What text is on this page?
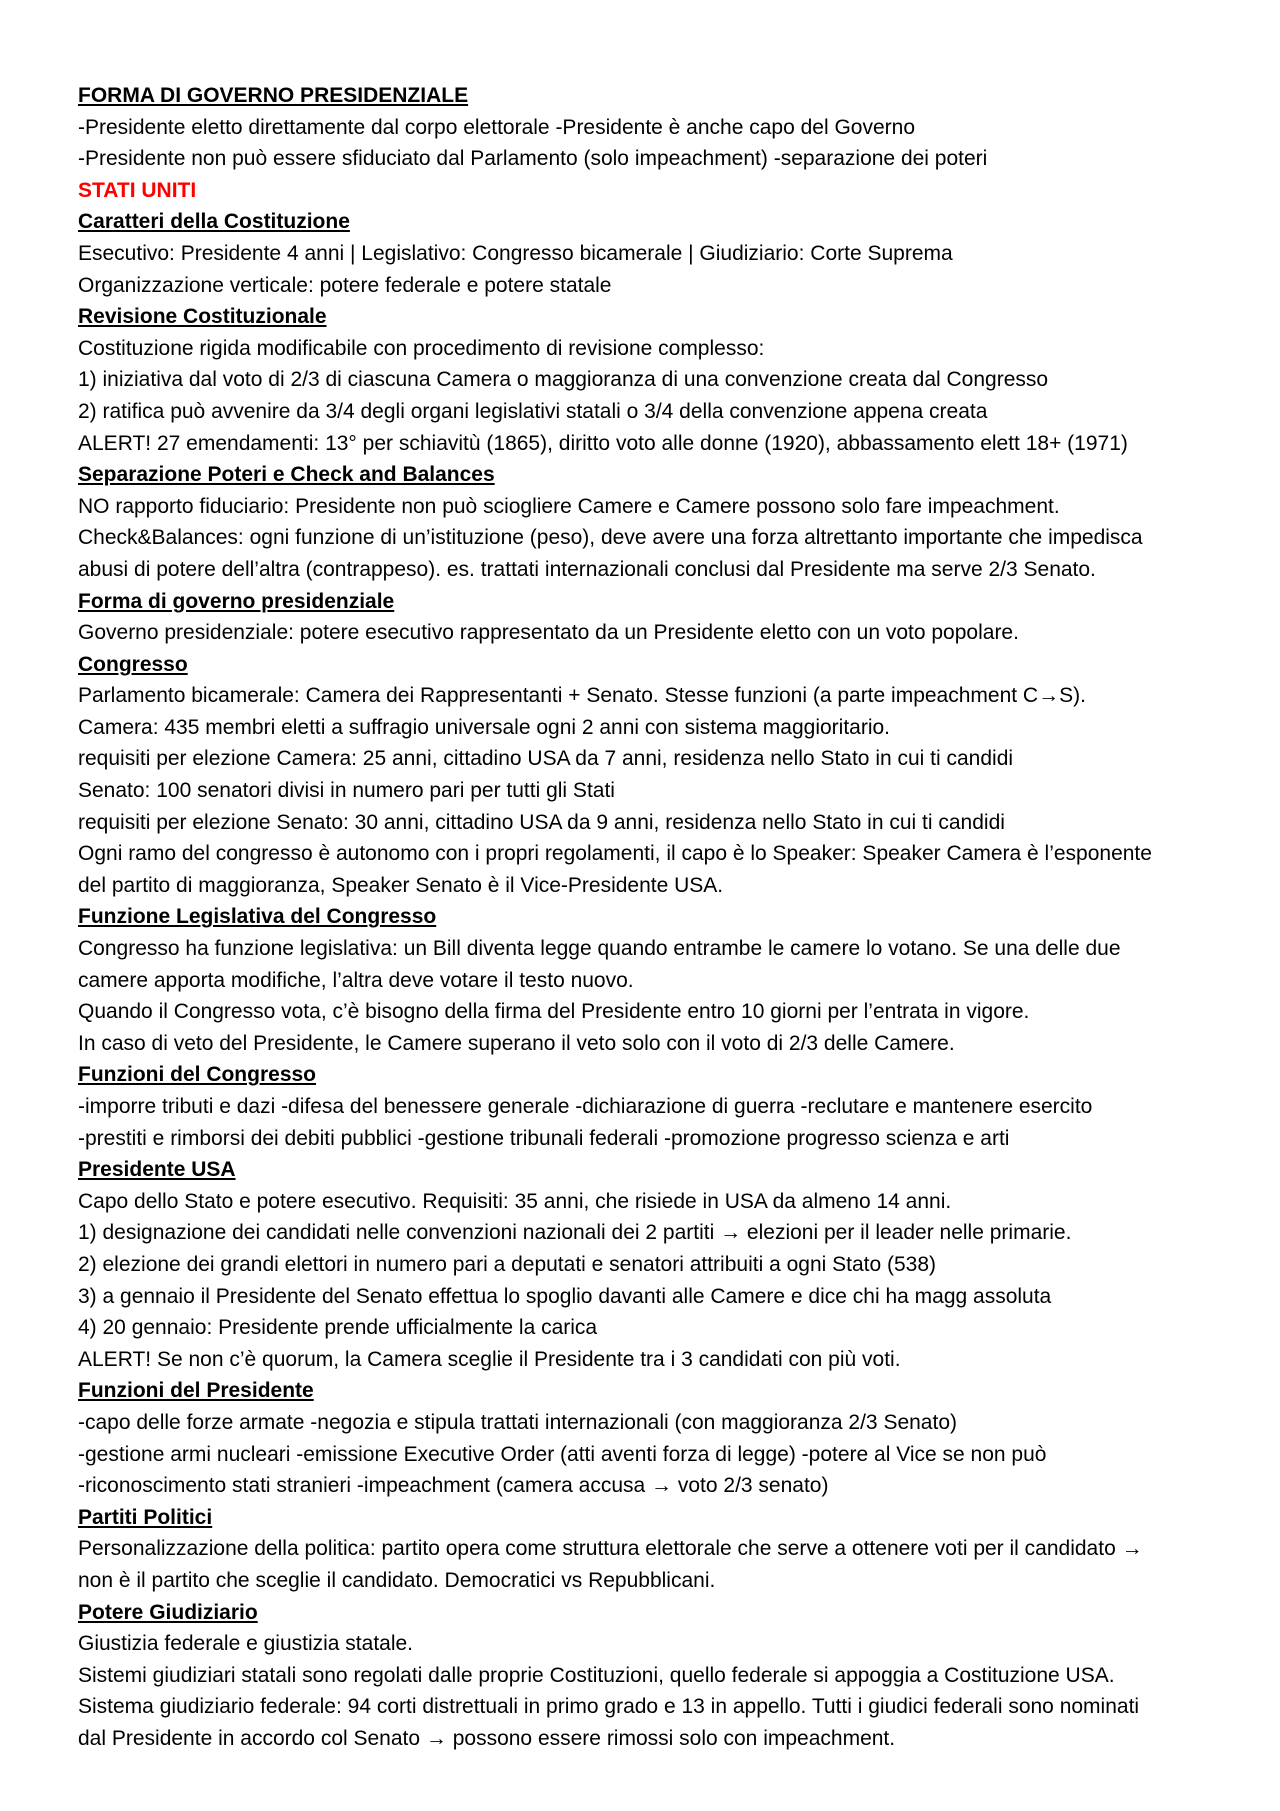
FORMA DI GOVERNO PRESIDENZIALE
-Presidente eletto direttamente dal corpo elettorale -Presidente è anche capo del Governo
-Presidente non può essere sfiduciato dal Parlamento (solo impeachment) -separazione dei poteri
STATI UNITI
Caratteri della Costituzione
Esecutivo: Presidente 4 anni | Legislativo: Congresso bicamerale | Giudiziario: Corte Suprema
Organizzazione verticale: potere federale e potere statale
Revisione Costituzionale
Costituzione rigida modificabile con procedimento di revisione complesso:
1) iniziativa dal voto di 2/3 di ciascuna Camera o maggioranza di una convenzione creata dal Congresso
2) ratifica può avvenire da 3/4 degli organi legislativi statali o 3/4 della convenzione appena creata
ALERT! 27 emendamenti: 13° per schiavitù (1865), diritto voto alle donne (1920), abbassamento elett 18+ (1971)
Separazione Poteri e Check and Balances
NO rapporto fiduciario: Presidente non può sciogliere Camere e Camere possono solo fare impeachment.
Check&Balances: ogni funzione di un’istituzione (peso), deve avere una forza altrettanto importante che impedisca
abusi di potere dell’altra (contrappeso). es. trattati internazionali conclusi dal Presidente ma serve 2/3 Senato.
Forma di governo presidenziale
Governo presidenziale: potere esecutivo rappresentato da un Presidente eletto con un voto popolare.
Congresso
Parlamento bicamerale: Camera dei Rappresentanti + Senato. Stesse funzioni (a parte impeachment C→S).
Camera: 435 membri eletti a suffragio universale ogni 2 anni con sistema maggioritario.
requisiti per elezione Camera: 25 anni, cittadino USA da 7 anni, residenza nello Stato in cui ti candidi
Senato: 100 senatori divisi in numero pari per tutti gli Stati
requisiti per elezione Senato: 30 anni, cittadino USA da 9 anni, residenza nello Stato in cui ti candidi
Ogni ramo del congresso è autonomo con i propri regolamenti, il capo è lo Speaker: Speaker Camera è l’esponente
del partito di maggioranza, Speaker Senato è il Vice-Presidente USA.
Funzione Legislativa del Congresso
Congresso ha funzione legislativa: un Bill diventa legge quando entrambe le camere lo votano. Se una delle due
camere apporta modifiche, l’altra deve votare il testo nuovo.
Quando il Congresso vota, c’è bisogno della firma del Presidente entro 10 giorni per l’entrata in vigore.
In caso di veto del Presidente, le Camere superano il veto solo con il voto di 2/3 delle Camere.
Funzioni del Congresso
-imporre tributi e dazi -difesa del benessere generale -dichiarazione di guerra -reclutare e mantenere esercito
-prestiti e rimborsi dei debiti pubblici -gestione tribunali federali -promozione progresso scienza e arti
Presidente USA
Capo dello Stato e potere esecutivo. Requisiti: 35 anni, che risiede in USA da almeno 14 anni.
1) designazione dei candidati nelle convenzioni nazionali dei 2 partiti → elezioni per il leader nelle primarie.
2) elezione dei grandi elettori in numero pari a deputati e senatori attribuiti a ogni Stato (538)
3) a gennaio il Presidente del Senato effettua lo spoglio davanti alle Camere e dice chi ha magg assoluta
4) 20 gennaio: Presidente prende ufficialmente la carica
ALERT! Se non c’è quorum, la Camera sceglie il Presidente tra i 3 candidati con più voti.
Funzioni del Presidente
-capo delle forze armate -negozia e stipula trattati internazionali (con maggioranza 2/3 Senato)
-gestione armi nucleari -emissione Executive Order (atti aventi forza di legge) -potere al Vice se non può
-riconoscimento stati stranieri -impeachment (camera accusa → voto 2/3 senato)
Partiti Politici
Personalizzazione della politica: partito opera come struttura elettorale che serve a ottenere voti per il candidato →
non è il partito che sceglie il candidato. Democratici vs Repubblicani.
Potere Giudiziario
Giustizia federale e giustizia statale.
Sistemi giudiziari statali sono regolati dalle proprie Costituzioni, quello federale si appoggia a Costituzione USA.
Sistema giudiziario federale: 94 corti distrettuali in primo grado e 13 in appello. Tutti i giudici federali sono nominati
dal Presidente in accordo col Senato → possono essere rimossi solo con impeachment.
